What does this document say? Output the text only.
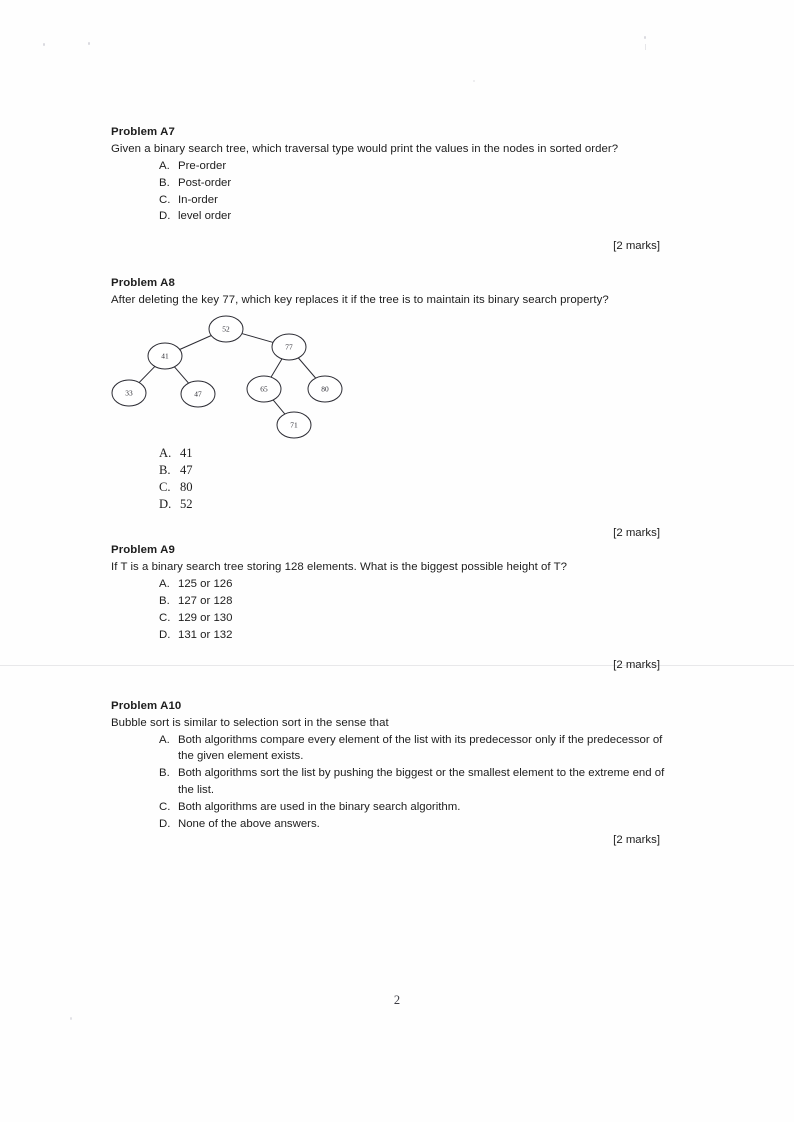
Problem A7
Given a binary search tree, which traversal type would print the values in the nodes in sorted order?
A. Pre-order
B. Post-order
C. In-order
D. level order
[2 marks]
Problem A8
After deleting the key 77, which key replaces it if the tree is to maintain its binary search property?
52
41
77
33	47
65	80
71
A. 41
B. 47
C. 80
D. 52
[2 marks]
Problem A9
If T is a binary search tree storing 128 elements. What is the biggest possible height of T?
A. 125 or 126
B. 127 or 128
C. 129 or 130
D. 131 or 132
[2 marks]
Problem A10
Bubble sort is similar to selection sort in the sense that
A. Both algorithms compare every element of the list with its predecessor only if the predecessor of the given element exists.
B. Both algorithms sort the list by pushing the biggest or the smallest element to the extreme end of the list.
C. Both algorithms are used in the binary search algorithm.
D. None of the above answers.
[2 marks]
2
